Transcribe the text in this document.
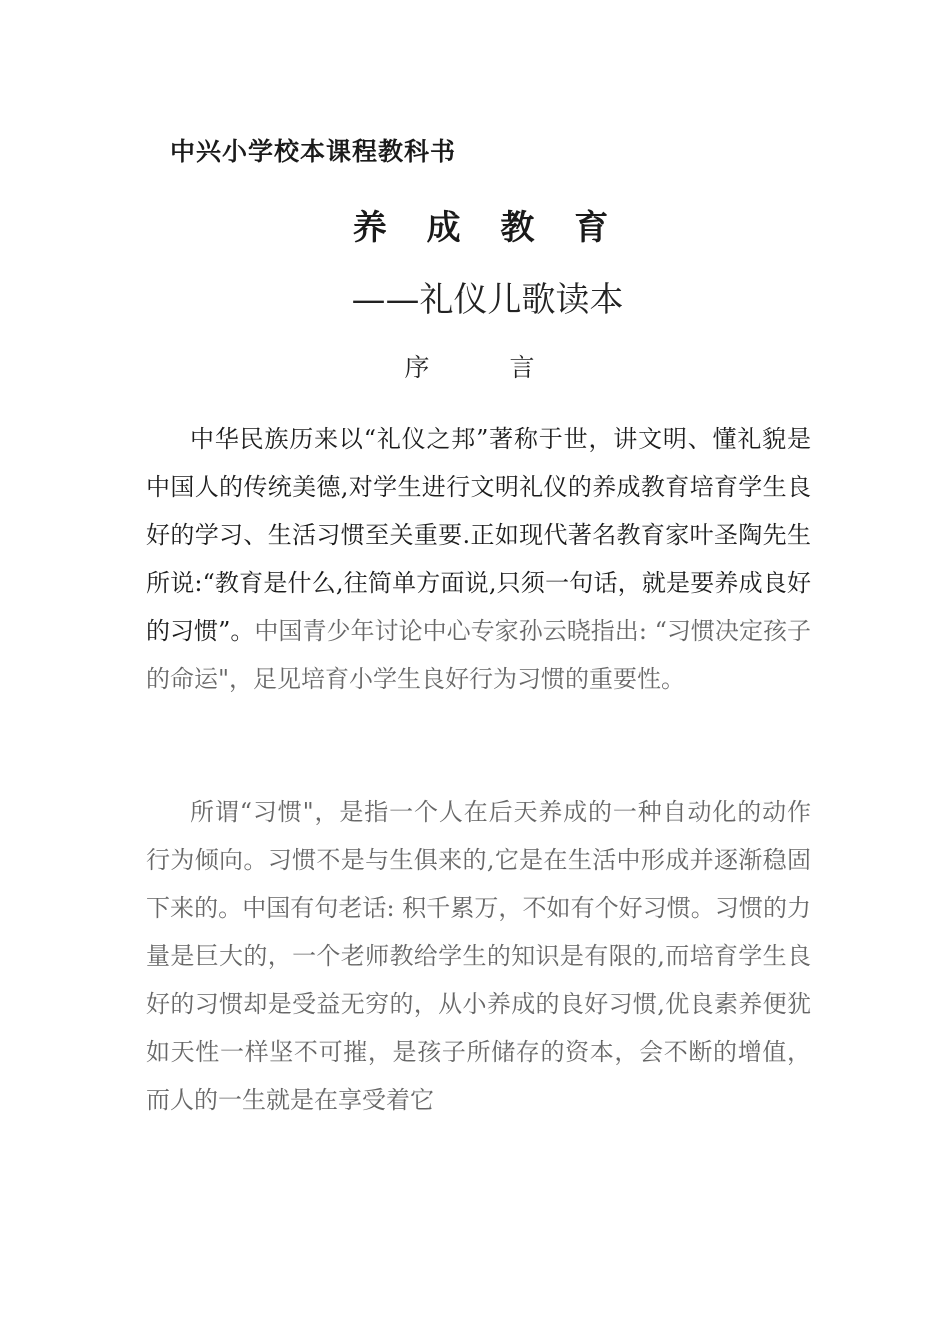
中兴小学校本课程教科书
养 成 教 育
——礼仪儿歌读本
序 言

中华民族历来以“礼仪之邦”著称于世，讲文明、懂礼貌是中国人的传统美德,对学生进行文明礼仪的养成教育培育学生良好的学习、生活习惯至关重要.正如现代著名教育家叶圣陶先生所说:“教育是什么,往简单方面说,只须一句话，就是要养成良好的习惯”。中国青少年讨论中心专家孙云晓指出: “习惯决定孩子的命运"，足见培育小学生良好行为习惯的重要性。

所谓“习惯"，是指一个人在后天养成的一种自动化的动作行为倾向。习惯不是与生俱来的,它是在生活中形成并逐渐稳固下来的。中国有句老话: 积千累万，不如有个好习惯。习惯的力量是巨大的，一个老师教给学生的知识是有限的,而培育学生良好的习惯却是受益无穷的，从小养成的良好习惯,优良素养便犹如天性一样坚不可摧，是孩子所储存的资本，会不断的增值，而人的一生就是在享受着它
